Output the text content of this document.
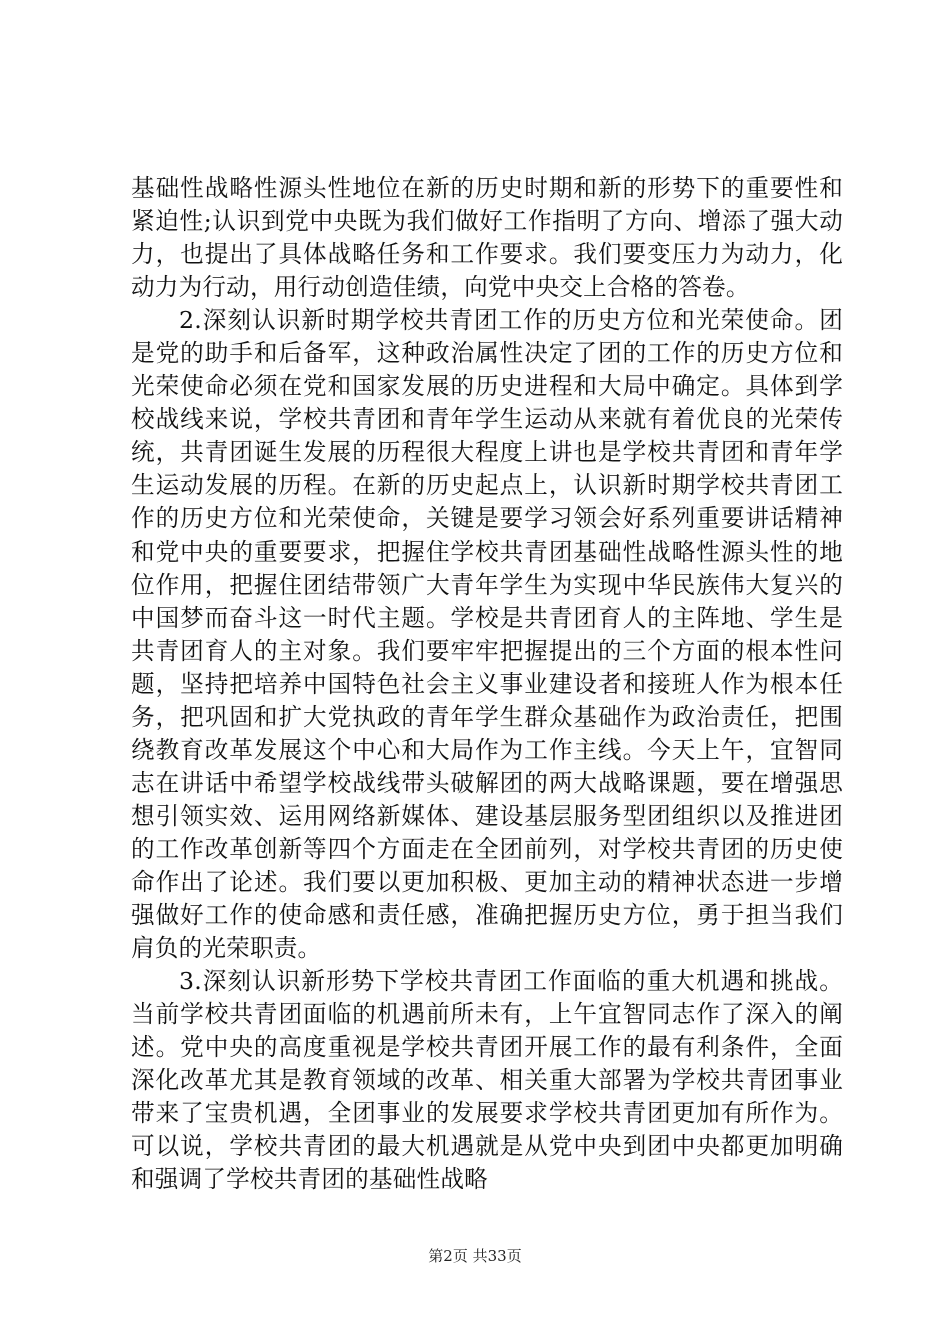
基础性战略性源头性地位在新的历史时期和新的形势下的重要性和紧迫性;认识到党中央既为我们做好工作指明了方向、增添了强大动力，也提出了具体战略任务和工作要求。我们要变压力为动力，化动力为行动，用行动创造佳绩，向党中央交上合格的答卷。

2.深刻认识新时期学校共青团工作的历史方位和光荣使命。团是党的助手和后备军，这种政治属性决定了团的工作的历史方位和光荣使命必须在党和国家发展的历史进程和大局中确定。具体到学校战线来说，学校共青团和青年学生运动从来就有着优良的光荣传统，共青团诞生发展的历程很大程度上讲也是学校共青团和青年学生运动发展的历程。在新的历史起点上，认识新时期学校共青团工作的历史方位和光荣使命，关键是要学习领会好系列重要讲话精神和党中央的重要要求，把握住学校共青团基础性战略性源头性的地位作用，把握住团结带领广大青年学生为实现中华民族伟大复兴的中国梦而奋斗这一时代主题。学校是共青团育人的主阵地、学生是共青团育人的主对象。我们要牢牢把握提出的三个方面的根本性问题，坚持把培养中国特色社会主义事业建设者和接班人作为根本任务，把巩固和扩大党执政的青年学生群众基础作为政治责任，把围绕教育改革发展这个中心和大局作为工作主线。今天上午，宜智同志在讲话中希望学校战线带头破解团的两大战略课题，要在增强思想引领实效、运用网络新媒体、建设基层服务型团组织以及推进团的工作改革创新等四个方面走在全团前列，对学校共青团的历史使命作出了论述。我们要以更加积极、更加主动的精神状态进一步增强做好工作的使命感和责任感，准确把握历史方位，勇于担当我们肩负的光荣职责。

3.深刻认识新形势下学校共青团工作面临的重大机遇和挑战。当前学校共青团面临的机遇前所未有，上午宜智同志作了深入的阐述。党中央的高度重视是学校共青团开展工作的最有利条件，全面深化改革尤其是教育领域的改革、相关重大部署为学校共青团事业带来了宝贵机遇，全团事业的发展要求学校共青团更加有所作为。可以说，学校共青团的最大机遇就是从党中央到团中央都更加明确和强调了学校共青团的基础性战略

第2页 共33页
